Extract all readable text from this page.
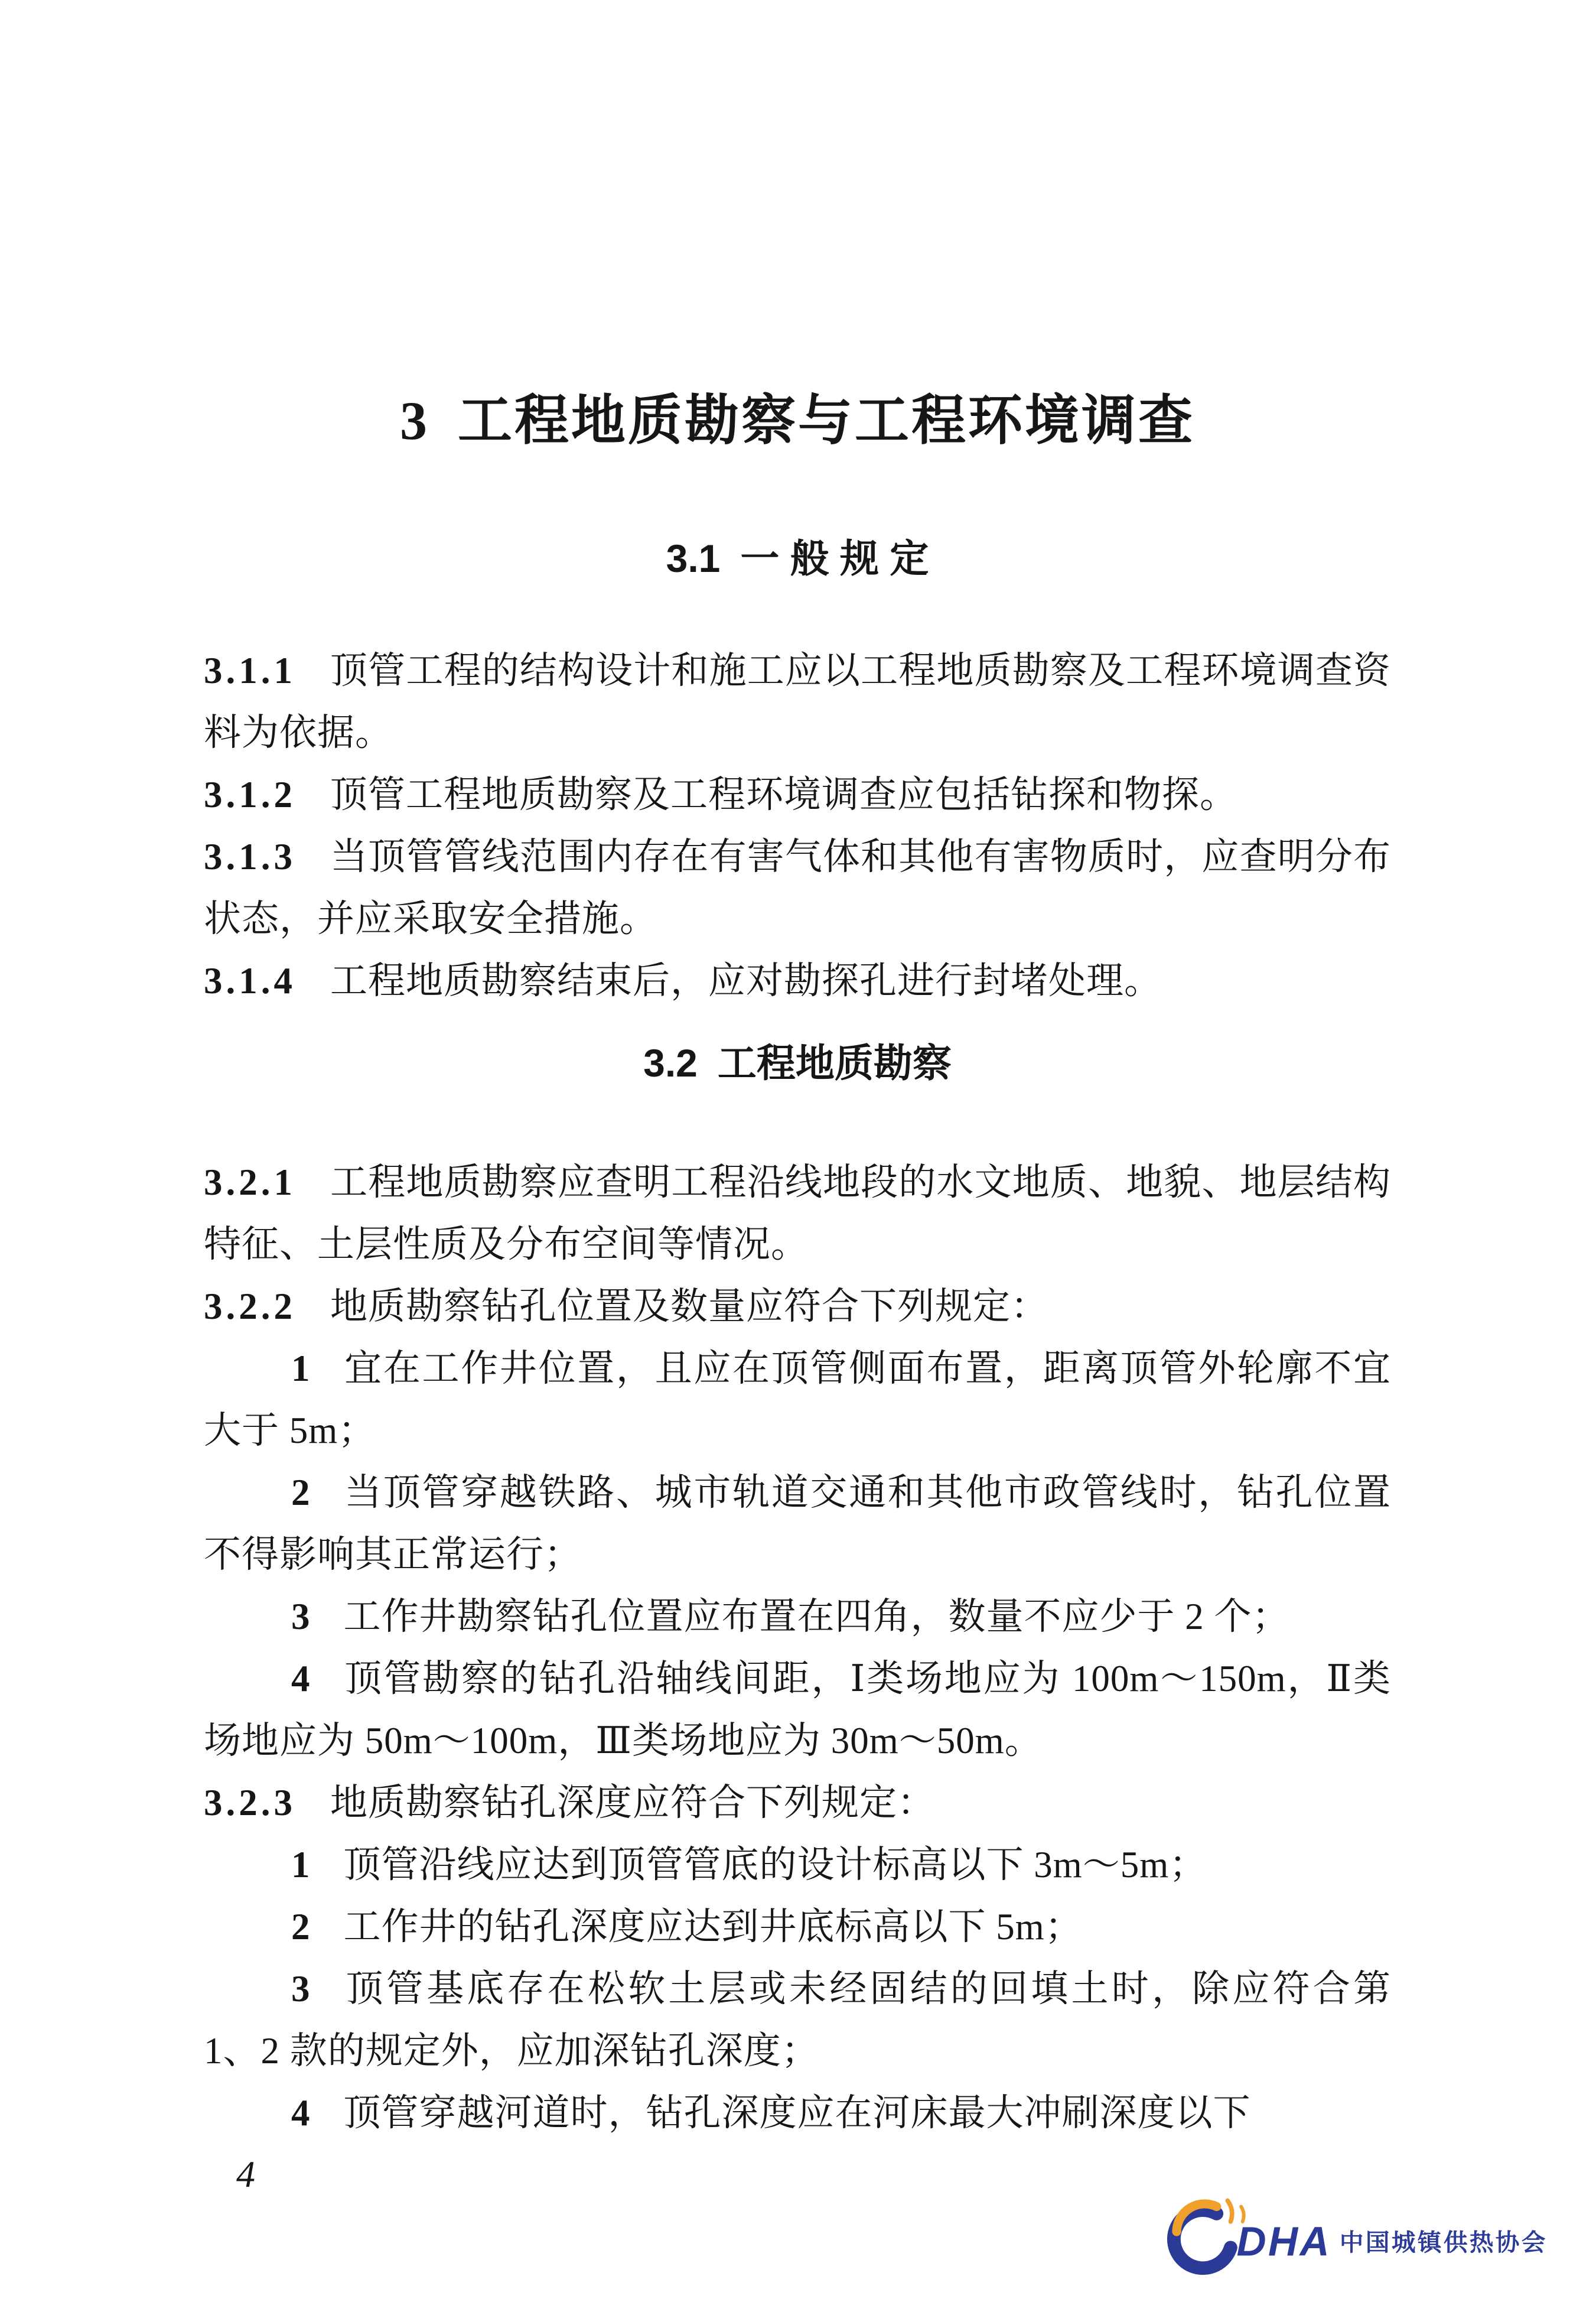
3 工程地质勘察与工程环境调查
3.1 一 般 规 定

3.1.1 顶管工程的结构设计和施工应以工程地质勘察及工程环境调查资料为依据。

3.1.2 顶管工程地质勘察及工程环境调查应包括钻探和物探。

3.1.3 当顶管管线范围内存在有害气体和其他有害物质时，应查明分布状态，并应采取安全措施。

3.1.4 工程地质勘察结束后，应对勘探孔进行封堵处理。

3.2 工程地质勘察

3.2.1 工程地质勘察应查明工程沿线地段的水文地质、地貌、地层结构特征、土层性质及分布空间等情况。

3.2.2 地质勘察钻孔位置及数量应符合下列规定：

1 宜在工作井位置，且应在顶管侧面布置，距离顶管外轮廓不宜大于 5m；

2 当顶管穿越铁路、城市轨道交通和其他市政管线时，钻孔位置不得影响其正常运行；

3 工作井勘察钻孔位置应布置在四角，数量不应少于 2 个；

4 顶管勘察的钻孔沿轴线间距，Ⅰ类场地应为 100m～150m，Ⅱ类场地应为 50m～100m，Ⅲ类场地应为 30m～50m。

3.2.3 地质勘察钻孔深度应符合下列规定：

1 顶管沿线应达到顶管管底的设计标高以下 3m～5m；

2 工作井的钻孔深度应达到井底标高以下 5m；

3 顶管基底存在松软土层或未经固结的回填土时，除应符合第 1、2 款的规定外，应加深钻孔深度；

4 顶管穿越河道时，钻孔深度应在河床最大冲刷深度以下

4
DHA 中国城镇供热协会
